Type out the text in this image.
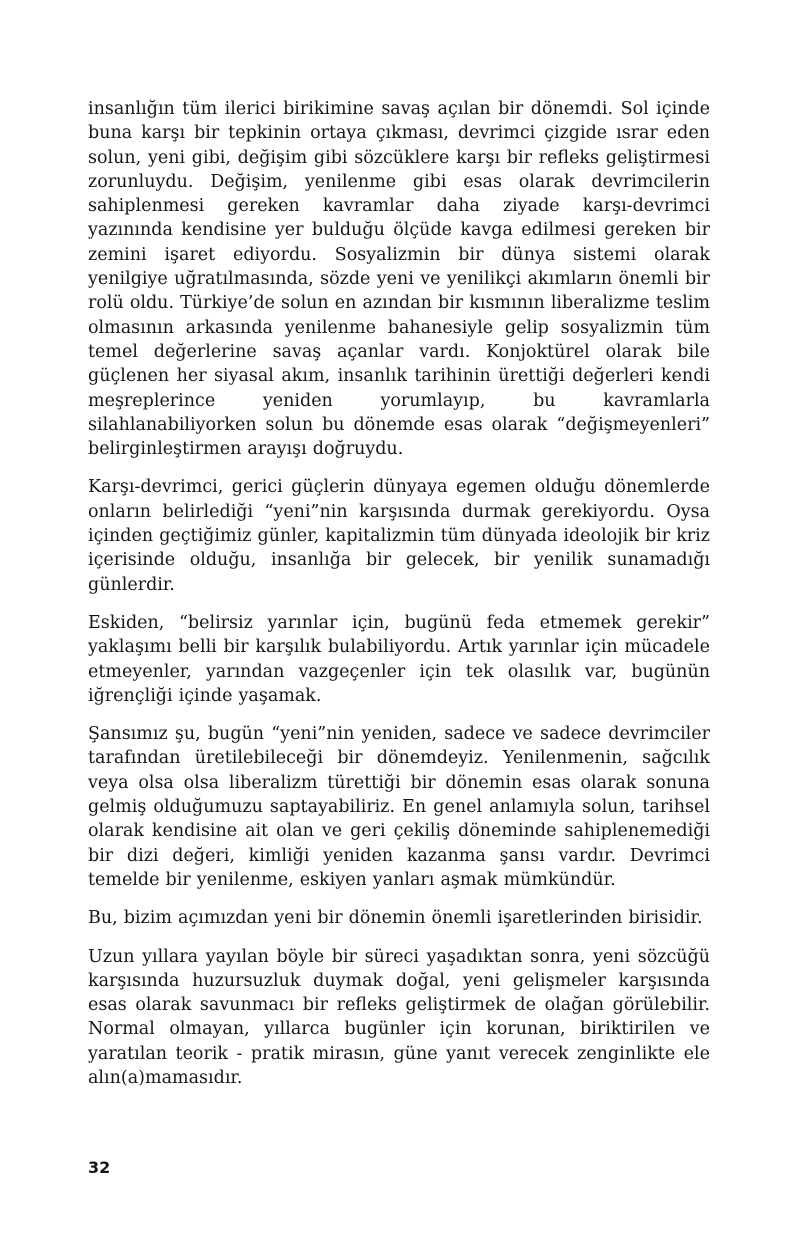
insanlığın tüm ilerici birikimine savaş açılan bir dönemdi. Sol içinde buna karşı bir tepkinin ortaya çıkması, devrimci çizgide ısrar eden solun, yeni gibi, değişim gibi sözcüklere karşı bir refleks geliştirmesi zorunluydu. Değişim, yenilenme gibi esas olarak devrimcilerin sahiplenmesi gereken kavramlar daha ziyade karşı-devrimci yazınında kendisine yer bulduğu ölçüde kavga edilmesi gereken bir zemini işaret ediyordu. Sosyalizmin bir dünya sistemi olarak yenilgiye uğratılmasında, sözde yeni ve yenilikçi akımların önemli bir rolü oldu. Türkiye’de solun en azından bir kısmının liberalizme teslim olmasının arkasında yenilenme bahanesiyle gelip sosyalizmin tüm temel değerlerine savaş açanlar vardı. Konjoktürel olarak bile güçlenen her siyasal akım, insanlık tarihinin ürettiği değerleri kendi meşreplerince yeniden yorumlayıp, bu kavramlarla silahlanabiliyorken solun bu dönemde esas olarak “değişmeyenleri” belirginleştirmen arayışı doğruydu.

Karşı-devrimci, gerici güçlerin dünyaya egemen olduğu dönemlerde onların belirlediği “yeni”nin karşısında durmak gerekiyordu. Oysa içinden geçtiğimiz günler, kapitalizmin tüm dünyada ideolojik bir kriz içerisinde olduğu, insanlığa bir gelecek, bir yenilik sunamadığı günlerdir.

Eskiden, “belirsiz yarınlar için, bugünü feda etmemek gerekir” yaklaşımı belli bir karşılık bulabiliyordu. Artık yarınlar için mücadele etmeyenler, yarından vazgeçenler için tek olasılık var, bugünün iğrençliği içinde yaşamak.

Şansımız şu, bugün “yeni”nin yeniden, sadece ve sadece devrimciler tarafından üretilebileceği bir dönemdeyiz. Yenilenmenin, sağcılık veya olsa olsa liberalizm türettiği bir dönemin esas olarak sonuna gelmiş olduğumuzu saptayabiliriz. En genel anlamıyla solun, tarihsel olarak kendisine ait olan ve geri çekiliş döneminde sahiplenemediği bir dizi değeri, kimliği yeniden kazanma şansı vardır. Devrimci temelde bir yenilenme, eskiyen yanları aşmak mümkündür.

Bu, bizim açımızdan yeni bir dönemin önemli işaretlerinden birisidir.

Uzun yıllara yayılan böyle bir süreci yaşadıktan sonra, yeni sözcüğü karşısında huzursuzluk duymak doğal, yeni gelişmeler karşısında esas olarak savunmacı bir refleks geliştirmek de olağan görülebilir. Normal olmayan, yıllarca bugünler için korunan, biriktirilen ve yaratılan teorik - pratik mirasın, güne yanıt verecek zenginlikte ele alın(a)mamasıdır.

32
